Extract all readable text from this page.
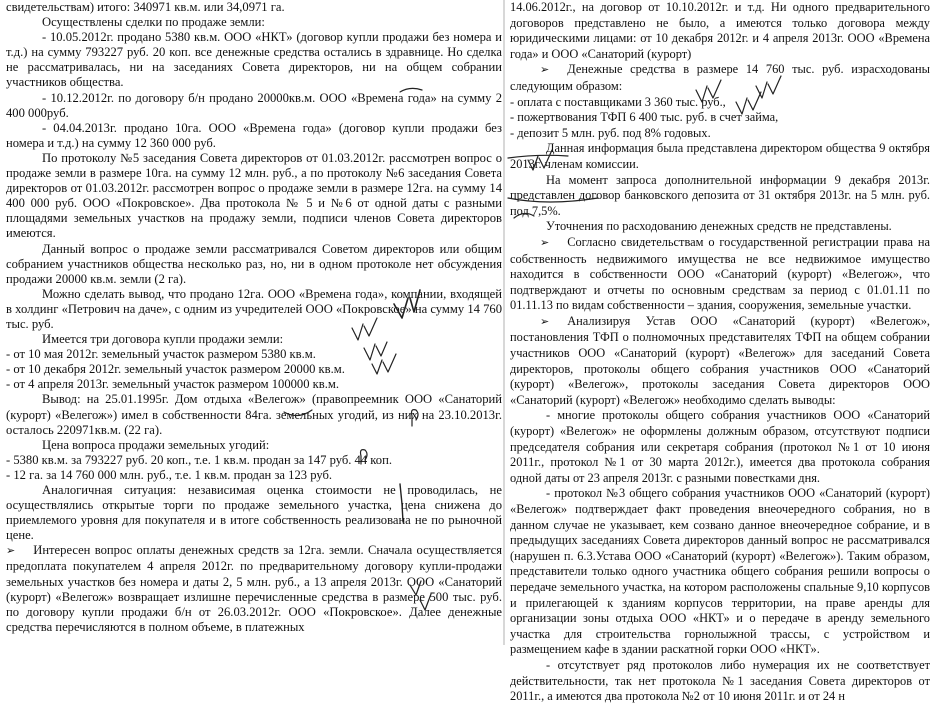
свидетельствам) итого: 340971 кв.м. или 34,0971 га.

Осуществлены сделки по продаже земли:

- 10.05.2012г. продано 5380 кв.м. ООО «НКТ» (договор купли продажи без номера и т.д.) на сумму 793227 руб. 20 коп. все денежные средства остались в здравнице. Но сделка не рассматривалась, ни на заседаниях Совета директоров, ни на общем собрании участников общества.

- 10.12.2012г. по договору б/н продано 20000кв.м. ООО «Времена года» на сумму 2 400 000руб.

- 04.04.2013г. продано 10га. ООО «Времена года» (договор купли продажи без номера и т.д.) на сумму 12 360 000 руб.

По протоколу №5 заседания Совета директоров от 01.03.2012г. рассмотрен вопрос о продаже земли в размере 10га. на сумму 12 млн. руб., а по протоколу №6 заседания Совета директоров от 01.03.2012г. рассмотрен вопрос о продаже земли в размере 12га. на сумму 14 400 000 руб. ООО «Покровское». Два протокола № 5 и №6 от одной даты с разными площадями земельных участков на продажу земли, подписи членов Совета директоров имеются.

Данный вопрос о продаже земли рассматривался Советом директоров или общим собранием участников общества несколько раз, но, ни в одном протоколе нет обсуждения продажи 20000 кв.м. земли (2 га).

Можно сделать вывод, что продано 12га. ООО «Времена года», компании, входящей в холдинг «Петрович на даче», с одним из учредителей ООО «Покровское» на сумму 14 760 тыс. руб.

Имеется три договора купли продажи земли:

- от 10 мая 2012г. земельный участок размером 5380 кв.м.

- от 10 декабря 2012г. земельный участок размером 20000 кв.м.

- от 4 апреля 2013г. земельный участок размером 100000 кв.м.

Вывод: на 25.01.1995г. Дом отдыха «Велегож» (правопреемник ООО «Санаторий (курорт) «Велегож») имел в собственности 84га. земельных угодий, из них на 23.10.2013г. осталось 220971кв.м. (22 га).

Цена вопроса продажи земельных угодий:

- 5380 кв.м. за 793227 руб. 20 коп., т.е. 1 кв.м. продан за 147 руб. 44 коп.

- 12 га. за 14 760 000 млн. руб., т.е. 1 кв.м. продан за 123 руб.

Аналогичная ситуация: независимая оценка стоимости не проводилась, не осуществлялись открытые торги по продаже земельного участка, цена снижена до приемлемого уровня для покупателя и в итоге собственность реализована не по рыночной цене.

➢ Интересен вопрос оплаты денежных средств за 12га. земли. Сначала осуществляется предоплата покупателем 4 апреля 2012г. по предварительному договору купли-продажи земельных участков без номера и даты 2, 5 млн. руб., а 13 апреля 2013г. ООО «Санаторий (курорт) «Велегож» возвращает излишне перечисленные средства в размере 500 тыс. руб. по договору купли продажи б/н от 26.03.2012г. ООО «Покровское». Далее денежные средства перечисляются в полном объеме, в платежных

14.06.2012г., на договор от 10.10.2012г. и т.д. Ни одного предварительного договоров представлено не было, а имеются только договора между юридическими лицами: от 10 декабря 2012г. и 4 апреля 2013г. ООО «Времена года» и ООО «Санаторий (курорт)

➢ Денежные средства в размере 14 760 тыс. руб. израсходованы следующим образом:

- оплата с поставщиками 3 360 тыс. руб.,

- пожертвования ТФП 6 400 тыс. руб. в счет займа,

- депозит 5 млн. руб. под 8% годовых.

Данная информация была представлена директором общества 9 октября 2013г. членам комиссии.

На момент запроса дополнительной информации 9 декабря 2013г. представлен договор банковского депозита от 31 октября 2013г. на 5 млн. руб. под 7,5%.

Уточнения по расходованию денежных средств не представлены.

➢ Согласно свидетельствам о государственной регистрации права на собственность недвижимого имущества не все недвижимое имущество находится в собственности ООО «Санаторий (курорт) «Велегож», что подтверждают и отчеты по основным средствам за период с 01.01.11 по 01.11.13 по видам собственности – здания, сооружения, земельные участки.

➢ Анализируя Устав ООО «Санаторий (курорт) «Велегож», постановления ТФП о полномочных представителях ТФП на общем собрании участников ООО «Санаторий (курорт) «Велегож» для заседаний Совета директоров, протоколы общего собрания участников ООО «Санаторий (курорт) «Велегож», протоколы заседания Совета директоров ООО «Санаторий (курорт) «Велегож» необходимо сделать выводы:

- многие протоколы общего собрания участников ООО «Санаторий (курорт) «Велегож» не оформлены должным образом, отсутствуют подписи председателя собрания или секретаря собрания (протокол №1 от 10 июня 2011г., протокол №1 от 30 марта 2012г.), имеется два протокола собрания одной даты от 23 апреля 2013г. с разными повестками дня.

- протокол №3 общего собрания участников ООО «Санаторий (курорт) «Велегож» подтверждает факт проведения внеочередного собрания, но в данном случае не указывает, кем созвано данное внеочередное собрание, и в предыдущих заседаниях Совета директоров данный вопрос не рассматривался (нарушен п. 6.3.Устава ООО «Санаторий (курорт) «Велегож»). Таким образом, представители только одного участника общего собрания решили вопросы о передаче земельного участка, на котором расположены спальные 9,10 корпусов и прилегающей к зданиям корпусов территории, на праве аренды для организации зоны отдыха ООО «НКТ» и о передаче в аренду земельного участка для строительства горнолыжной трассы, с устройством и размещением кафе в здании раскатной горки ООО «НКТ».

- отсутствует ряд протоколов либо нумерация их не соответствует действительности, так нет протокола №1 заседания Совета директоров от 2011г., а имеются два протокола №2 от 10 июня 2011г. и от 24 н
